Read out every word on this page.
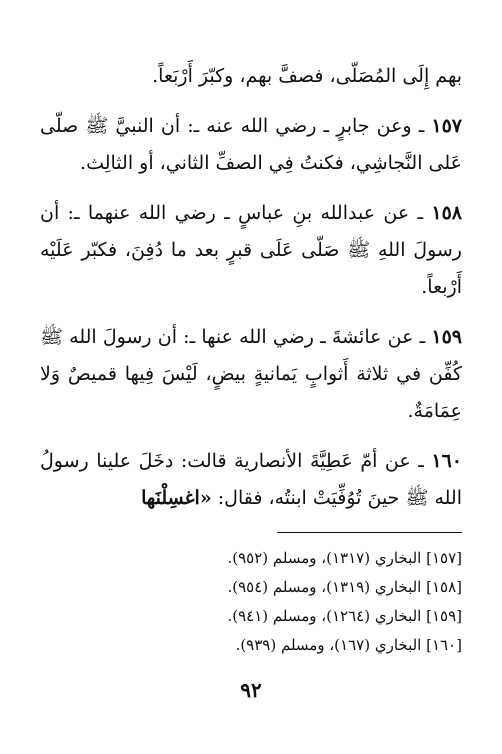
بهم إِلَى المُصَلّى، فصفَّ بهم، وكبّرَ أَرْبَعاً.

١٥٧ ـ وعن جابرٍ ـ رضي الله عنه ـ: أن النبيَّ ﷺ صلّى عَلى النَّجاشِي، فكنتُ فِي الصفِّ الثاني، أو الثالِث.

١٥٨ ـ عن عبدالله بنِ عباسٍ ـ رضي الله عنهما ـ: أن رسولَ اللهِ ﷺ صَلّى عَلَى قبرٍ بعد ما دُفِنَ، فكبّر عَلَيْه أَرْبعاً.

١٥٩ ـ عن عائشةَ ـ رضي الله عنها ـ: أن رسولَ الله ﷺ كُفِّن في ثلاثة أَثوابٍ يَمانيةٍ بيضٍ، لَيْسَ فِيها قميصٌ وَلا عِمَامَةٌ.

١٦٠ ـ عن أمّ عَطِيَّةَ الأنصارية قالت: دخَلَ علينا رسولُ الله ﷺ حينَ تُوُفِّيَتْ ابنتُه، فقال: «اغسِلْنَها

[١٥٧] البخاري (١٣١٧)، ومسلم (٩٥٢).
[١٥٨] البخاري (١٣١٩)، ومسلم (٩٥٤).
[١٥٩] البخاري (١٢٦٤)، ومسلم (٩٤١).
[١٦٠] البخاري (١٦٧)، ومسلم (٩٣٩).
٩٢
